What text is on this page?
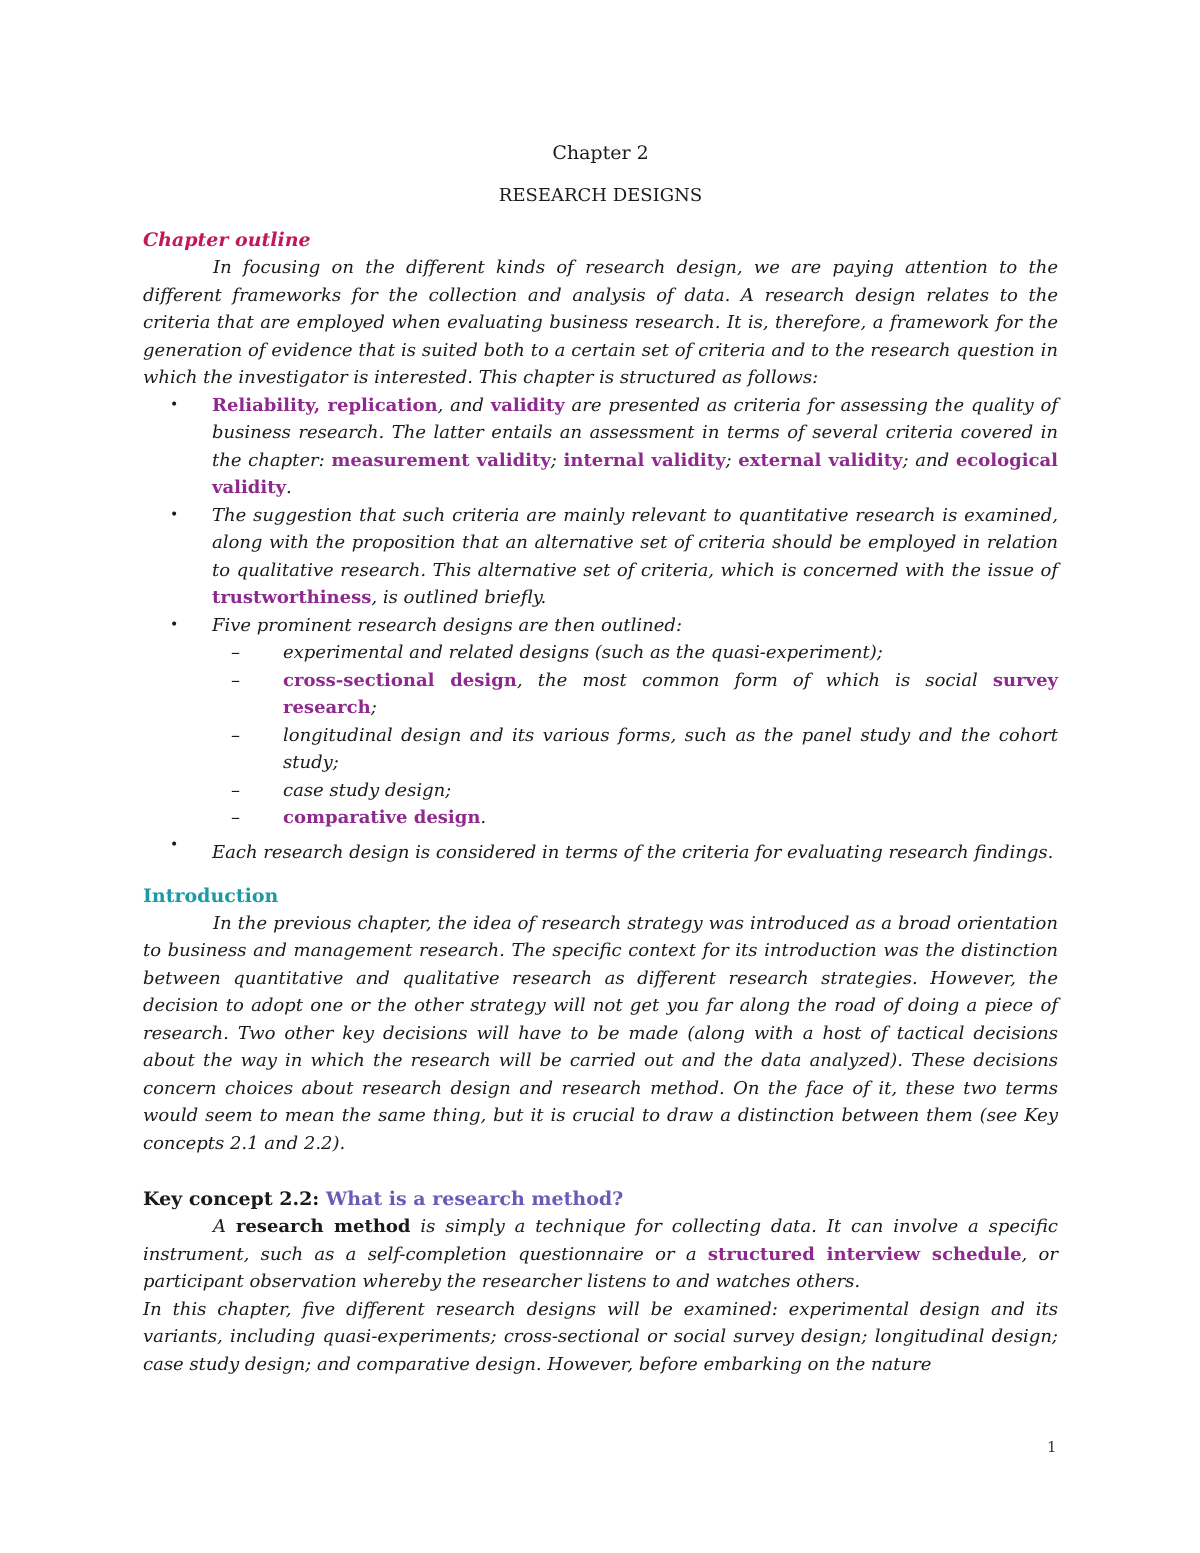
Chapter 2

RESEARCH DESIGNS

Chapter outline

In focusing on the different kinds of research design, we are paying attention to the different frameworks for the collection and analysis of data. A research design relates to the criteria that are employed when evaluating business research. It is, therefore, a framework for the generation of evidence that is suited both to a certain set of criteria and to the research question in which the investigator is interested. This chapter is structured as follows:

• Reliability, replication, and validity are presented as criteria for assessing the quality of business research. The latter entails an assessment in terms of several criteria covered in the chapter: measurement validity; internal validity; external validity; and ecological validity.
• The suggestion that such criteria are mainly relevant to quantitative research is examined, along with the proposition that an alternative set of criteria should be employed in relation to qualitative research. This alternative set of criteria, which is concerned with the issue of trustworthiness, is outlined briefly.
• Five prominent research designs are then outlined:
– experimental and related designs (such as the quasi-experiment);
– cross-sectional design, the most common form of which is social survey research;
– longitudinal design and its various forms, such as the panel study and the cohort study;
– case study design;
– comparative design.
• Each research design is considered in terms of the criteria for evaluating research findings.

Introduction

In the previous chapter, the idea of research strategy was introduced as a broad orientation to business and management research. The specific context for its introduction was the distinction between quantitative and qualitative research as different research strategies. However, the decision to adopt one or the other strategy will not get you far along the road of doing a piece of research. Two other key decisions will have to be made (along with a host of tactical decisions about the way in which the research will be carried out and the data analyzed). These decisions concern choices about research design and research method. On the face of it, these two terms would seem to mean the same thing, but it is crucial to draw a distinction between them (see Key concepts 2.1 and 2.2).

Key concept 2.2: What is a research method?

A research method is simply a technique for collecting data. It can involve a specific instrument, such as a self-completion questionnaire or a structured interview schedule, or participant observation whereby the researcher listens to and watches others.

In this chapter, five different research designs will be examined: experimental design and its variants, including quasi-experiments; cross-sectional or social survey design; longitudinal design; case study design; and comparative design. However, before embarking on the nature

1
